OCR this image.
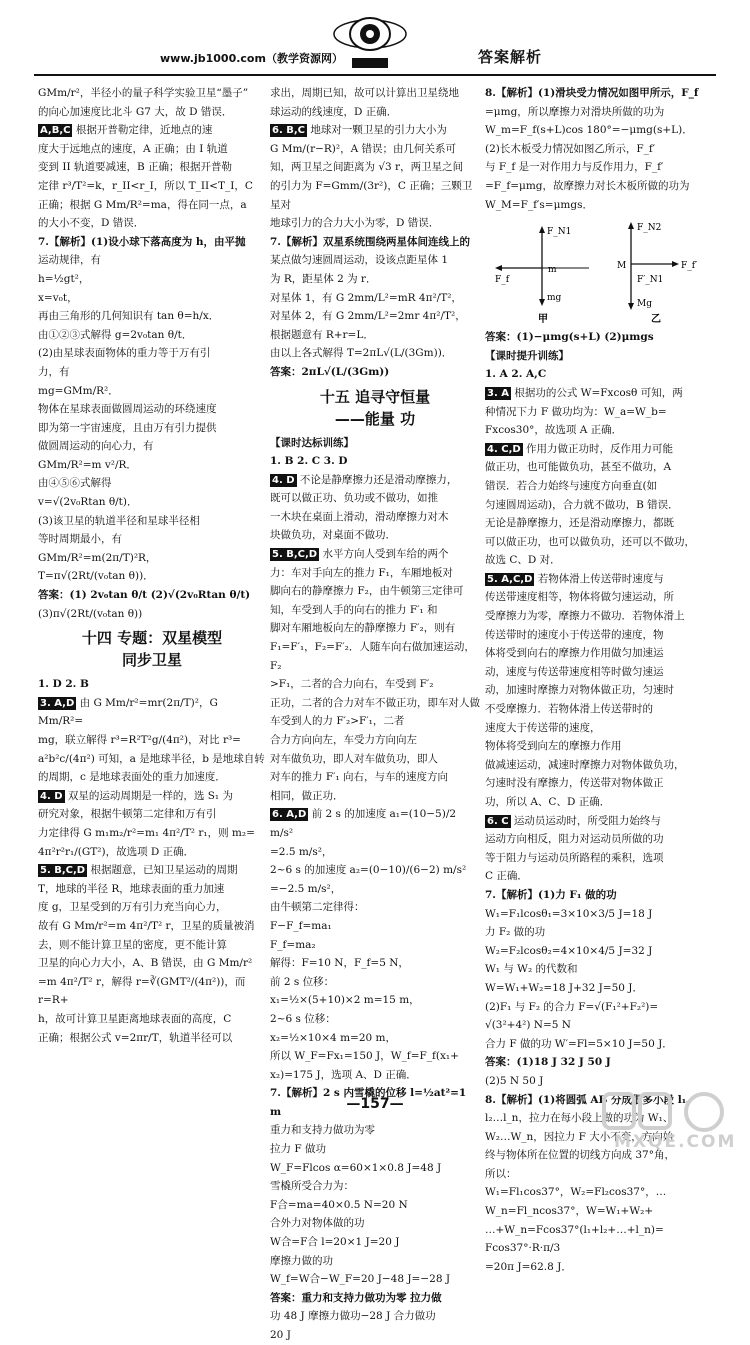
www.jb1000.com（教学资源网）	答案解析

GMm/r²，半径小的量子科学实验卫星“墨子”

的向心加速度比北斗 G7 大，故 D 错误．

A,B,C 根据开普勒定律，近地点的速

度大于远地点的速度，A 正确；由 I 轨道

变到 II 轨道要减速，B 正确；根据开普勒

定律 r³/T²=k，r_II<r_I，所以 T_II<T_I，C

正确；根据 G Mm/R²=ma，得在同一点，a

的大小不变，D 错误．

7.【解析】(1)设小球下落高度为 h，由平抛

运动规律，有

h=½gt²，

x=v₀t，

再由三角形的几何知识有 tan θ=h/x．

由①②③式解得 g=2v₀tan θ/t．

(2)由星球表面物体的重力等于万有引

力，有

mg=GMm/R²．

物体在星球表面做圆周运动的环绕速度

即为第一宇宙速度，且由万有引力提供

做圆周运动的向心力，有

GMm/R²=m v²/R．

由④⑤⑥式解得

v=√(2v₀Rtan θ/t)．

(3)该卫星的轨道半径和星球半径相

等时周期最小，有

GMm/R²=m(2π/T)²R，

T=π√(2Rt/(v₀tan θ))．

答案：(1) 2v₀tan θ/t (2)√(2v₀Rtan θ/t)

(3)π√(2Rt/(v₀tan θ))

十四 专题：双星模型
同步卫星

1. D 2. B

3. A,D 由 G Mm/r²=mr(2π/T)²，G Mm/R²=

mg，联立解得 r³=R²T²g/(4π²)，对比 r³=

a²b²c/(4π²) 可知，a 是地球半径，b 是地球自转

的周期，c 是地球表面处的重力加速度．

4. D 双星的运动周期是一样的，选 S₁ 为

研究对象，根据牛顿第二定律和万有引

力定律得 G m₁m₂/r²=m₁ 4π²/T² r₁，则 m₂=

4π²r²r₁/(GT²)，故选项 D 正确．

5. B,C,D 根据题意，已知卫星运动的周期

T，地球的半径 R，地球表面的重力加速

度 g，卫星受到的万有引力充当向心力，

故有 G Mm/r²=m 4π²/T² r，卫星的质量被消

去，则不能计算卫星的密度，更不能计算

卫星的向心力大小，A、B 错误，由 G Mm/r²

=m 4π²/T² r，解得 r=∛(GMT²/(4π²))，而 r=R+

h，故可计算卫星距离地球表面的高度，C

正确；根据公式 v=2πr/T，轨道半径可以

求出，周期已知，故可以计算出卫星绕地

球运动的线速度，D 正确．

6. B,C 地球对一颗卫星的引力大小为

G Mm/(r−R)²，A 错误；由几何关系可

知，两卫星之间距离为 √3 r，两卫星之间

的引力为 F=Gmm/(3r²)，C 正确；三颗卫星对

地球引力的合力大小为零，D 错误．

7.【解析】双星系统围绕两星体间连线上的

某点做匀速圆周运动，设该点距星体 1

为 R，距星体 2 为 r．

对星体 1，有 G 2mm/L²=mR 4π²/T²，

对星体 2，有 G 2mm/L²=2mr 4π²/T²，

根据题意有 R+r=L．

由以上各式解得 T=2πL√(L/(3Gm))．

答案：2πL√(L/(3Gm))

十五 追寻守恒量
——能量 功

【课时达标训练】

1. B 2. C 3. D

4. D 不论是静摩擦力还是滑动摩擦力，

既可以做正功、负功或不做功，如推

一木块在桌面上滑动，滑动摩擦力对木

块做负功，对桌面不做功．

5. B,C,D 水平方向人受到车给的两个

力：车对手向左的推力 F₁，车厢地板对

脚向右的静摩擦力 F₂，由牛顿第三定律可

知，车受到人手的向右的推力 F′₁ 和

脚对车厢地板向左的静摩擦力 F′₂，则有

F₁=F′₁，F₂=F′₂．人随车向右做加速运动，F₂

>F₁，二者的合力向右，车受到 F′₂

正功，二者的合力对车不做正功，即车对人做

车受到人的力 F′₂>F′₁，二者

合力方向向左，车受力方向向左

对车做负功，即人对车做负功，即人

对车的推力 F′₁ 向右，与车的速度方向

相同，做正功．

6. A,D 前 2 s 的加速度 a₁=(10−5)/2 m/s²

=2.5 m/s²，

2~6 s 的加速度 a₂=(0−10)/(6−2) m/s²

=−2.5 m/s²，

由牛顿第二定律得：

F−F_f=ma₁

F_f=ma₂

解得：F=10 N，F_f=5 N，

前 2 s 位移：

x₁=½×(5+10)×2 m=15 m，

2~6 s 位移：

x₂=½×10×4 m=20 m，

所以 W_F=Fx₁=150 J，W_f=F_f(x₁+

x₂)=175 J，选项 A、D 正确．

7.【解析】2 s 内雪橇的位移 l=½at²=1 m

重力和支持力做功为零

拉力 F 做功

W_F=Flcos α=60×1×0.8 J=48 J

雪橇所受合力为：

F合=ma=40×0.5 N=20 N

合外力对物体做的功

W合=F合 l=20×1 J=20 J

摩擦力做的功

W_f=W合−W_F=20 J−48 J=−28 J

答案：重力和支持力做功为零 拉力做

功 48 J 摩擦力做功−28 J 合力做功

20 J

8.【解析】(1)滑块受力情况如图甲所示，F_f

=μmg，所以摩擦力对滑块所做的功为

W_m=F_f(s+L)cos 180°=−μmg(s+L)．

(2)长木板受力情况如图乙所示，F_f′

与 F_f 是一对作用力与反作用力，F_f′

=F_f=μmg，故摩擦力对长木板所做的功为

W_M=F_f′s=μmgs．

F_N1
F_f
m
mg
甲
F_N2
M	F_f′
F′_N1
Mg
乙

答案：(1)−μmg(s+L) (2)μmgs

【课时提升训练】

1. A 2. A,C

3. A 根据功的公式 W=Fxcosθ 可知，两

种情况下力 F 做功均为：W_a=W_b=

Fxcos30°，故选项 A 正确．

4. C,D 作用力做正功时，反作用力可能

做正功，也可能做负功，甚至不做功，A

错误．若合力始终与速度方向垂直(如

匀速圆周运动)，合力就不做功，B 错误．

无论是静摩擦力，还是滑动摩擦力，都既

可以做正功，也可以做负功，还可以不做功，

故选 C、D 对．

5. A,C,D 若物体滑上传送带时速度与

传送带速度相等，物体将做匀速运动，所

受摩擦力为零，摩擦力不做功．若物体滑上

传送带时的速度小于传送带的速度，物

体将受到向右的摩擦力作用做匀加速运

动，速度与传送带速度相等时做匀速运

动，加速时摩擦力对物体做正功，匀速时

不受摩擦力．若物体滑上传送带时的

速度大于传送带的速度，

物体将受到向左的摩擦力作用

做减速运动，减速时摩擦力对物体做负功，

匀速时没有摩擦力，传送带对物体做正

功，所以 A、C、D 正确．

6. C 运动员运动时，所受阻力始终与

运动方向相反，阻力对运动员所做的功

等于阻力与运动员所路程的乘积，选项

C 正确．

7.【解析】(1)力 F₁ 做的功

W₁=F₁lcosθ₁=3×10×3/5 J=18 J

力 F₂ 做的功

W₂=F₂lcosθ₂=4×10×4/5 J=32 J

W₁ 与 W₂ 的代数和

W=W₁+W₂=18 J+32 J=50 J．

(2)F₁ 与 F₂ 的合力 F=√(F₁²+F₂²)=

√(3²+4²) N=5 N

合力 F 做的功 W′=Fl=5×10 J=50 J．

答案：(1)18 J 32 J 50 J

(2)5 N 50 J

8.【解析】(1)将圆弧 AB 分成很多小段 l₁、

l₂…l_n，拉力在每小段上做的功为 W₁、

W₂…W_n，因拉力 F 大小不变，方向始

终与物体所在位置的切线方向成 37°角，

所以：

W₁=Fl₁cos37°，W₂=Fl₂cos37°，…

W_n=Fl_ncos37°，W=W₁+W₂+

…+W_n=Fcos37°(l₁+l₂+…+l_n)=

Fcos37°·R·π/3

=20π J=62.8 J．

—157—
MXQE.COM
